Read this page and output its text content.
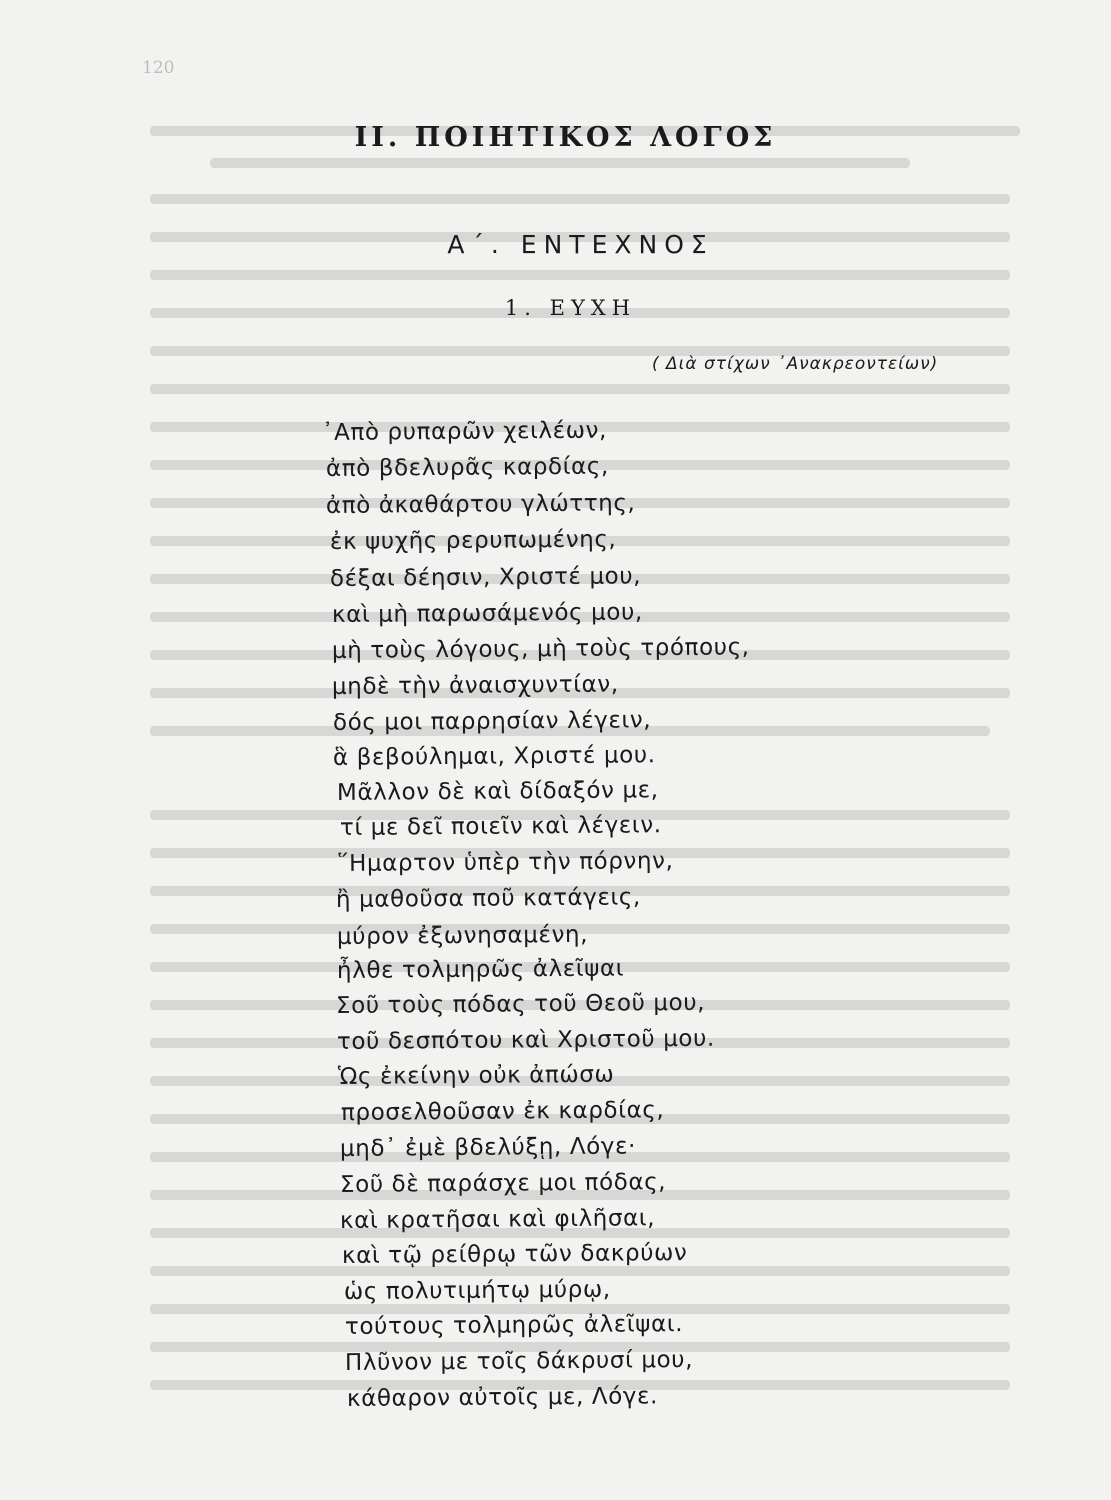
120
ΙΙ. ΠΟΙΗΤΙΚΟΣ ΛΟΓΟΣ
Α΄. ΕΝΤΕΧΝΟΣ
1. ΕΥΧΗ
( Διὰ στίχων ᾿Ανακρεοντείων)
᾿Απὸ ρυπαρῶν χειλέων,
ἀπὸ βδελυρᾶς καρδίας,
ἀπὸ ἀκαθάρτου γλώττης,
ἐκ ψυχῆς ρερυπωμένης,
δέξαι δέησιν, Χριστέ μου,
καὶ μὴ παρωσάμενός μου,
μὴ τοὺς λόγους, μὴ τοὺς τρόπους,
μηδὲ τὴν ἀναισχυντίαν,
δός μοι παρρησίαν λέγειν,
ἃ βεβούλημαι, Χριστέ μου.
Μᾶλλον δὲ καὶ δίδαξόν με,
τί με δεῖ ποιεῖν καὶ λέγειν.
῞Ημαρτον ὑπὲρ τὴν πόρνην,
ἢ μαθοῦσα ποῦ κατάγεις,
μύρον ἐξωνησαμένη,
ἦλθε τολμηρῶς ἀλεῖψαι
Σοῦ τοὺς πόδας τοῦ Θεοῦ μου,
τοῦ δεσπότου καὶ Χριστοῦ μου.
Ὡς ἐκείνην οὐκ ἀπώσω
προσελθοῦσαν ἐκ καρδίας,
μηδ᾿ ἐμὲ βδελύξῃ, Λόγε·
Σοῦ δὲ παράσχε μοι πόδας,
καὶ κρατῆσαι καὶ φιλῆσαι,
καὶ τῷ ρείθρῳ τῶν δακρύων
ὡς πολυτιμήτῳ μύρῳ,
τούτους τολμηρῶς ἀλεῖψαι.
Πλῦνον με τοῖς δάκρυσί μου,
κάθαρον αὐτοῖς με, Λόγε.
